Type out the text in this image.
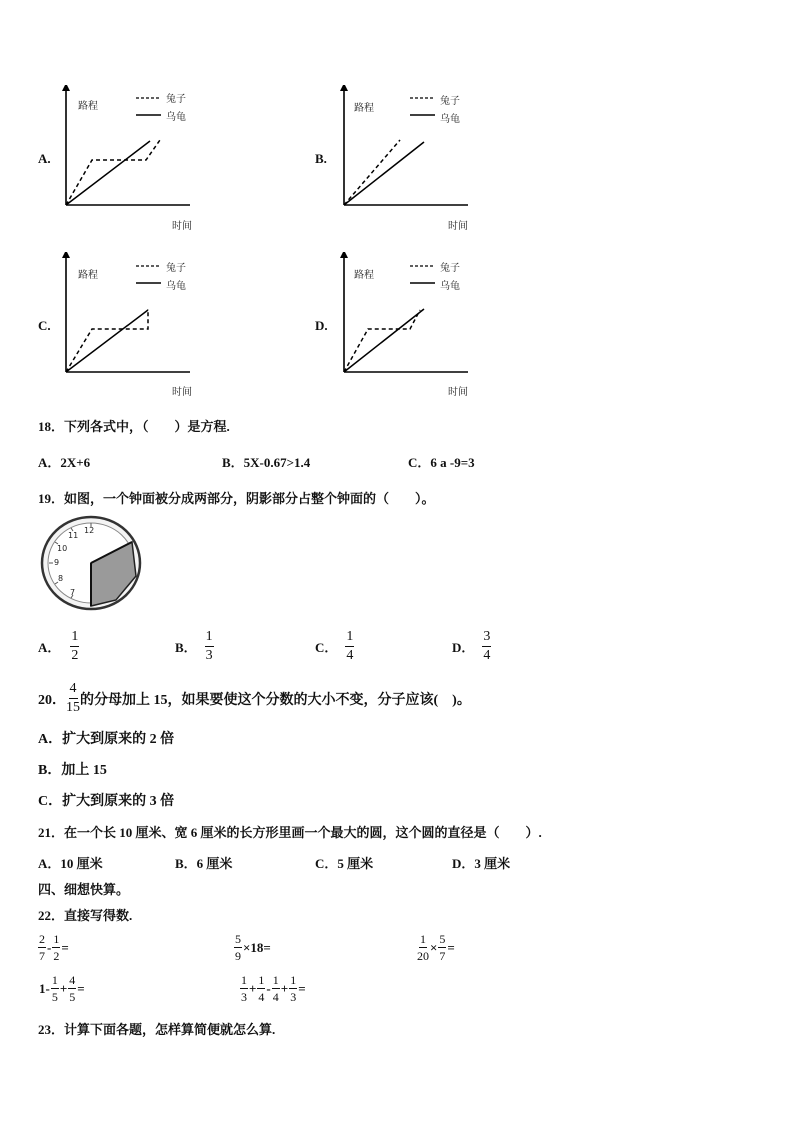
A.	B.
C.	D.
路程
时间
兔子
乌龟
路程
时间
兔子
乌龟
路程
时间
兔子
乌龟
路程
时间
兔子
乌龟
18．下列各式中，（　　）是方程.
A．2X+6	B．5X-0.67>1.4	C．6 a -9=3
19．如图，一个钟面被分成两部分，阴影部分占整个钟面的（　　）。
12
11
10
9
8
7
A． $\frac{1}{2}$	B． $\frac{1}{3}$	C． $\frac{1}{4}$	D． $\frac{3}{4}$
20． $\frac{4}{15}$ 的分母加上 15，如果要使这个分数的大小不变，分子应该(　)。
A．扩大到原来的 2 倍
B．加上 15
C．扩大到原来的 3 倍
21．在一个长 10 厘米、宽 6 厘米的长方形里画一个最大的圆，这个圆的直径是（　　）.
A．10 厘米	B．6 厘米	C．5 厘米	D．3 厘米
四、细想快算。
22．直接写得数.
$\frac{2}{7} - \frac{1}{2}$ =	$\frac{5}{9} \times 18=$	$\frac{1}{20} \times \frac{5}{7}$ =
$1- \frac{1}{5} + \frac{4}{5}$ =	$\frac{1}{3} + \frac{1}{4} - \frac{1}{4} + \frac{1}{3}$ =
23．计算下面各题，怎样算简便就怎么算.
